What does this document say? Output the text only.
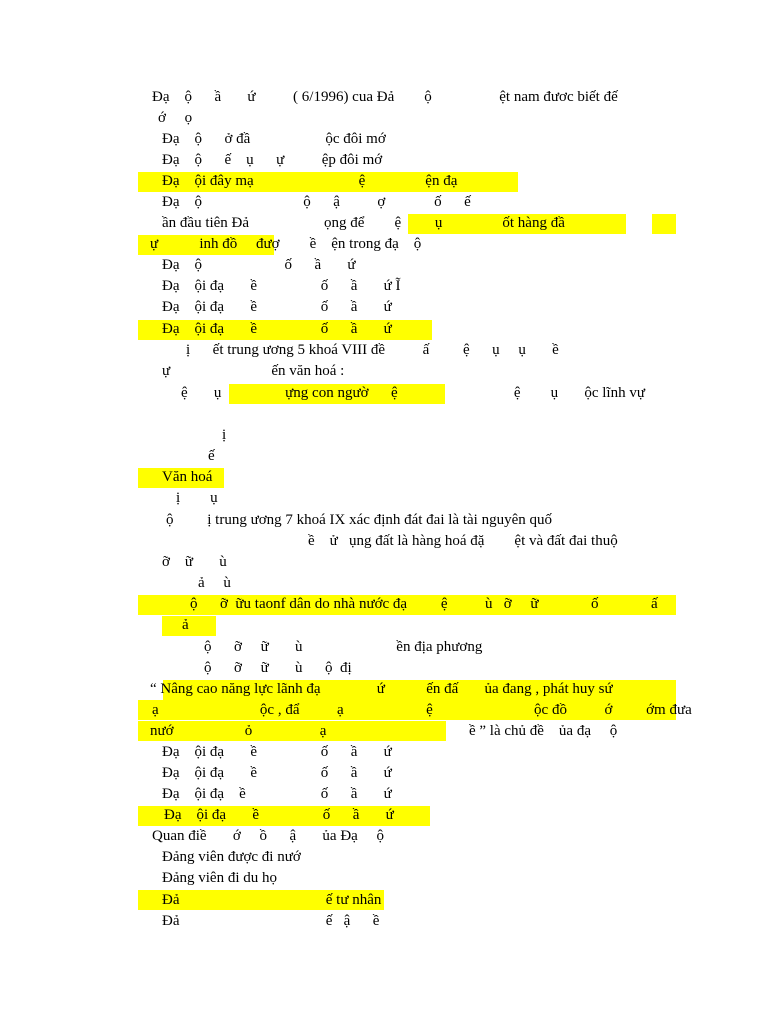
Đạ    ộ      ầ       ứ          ( 6/1996) cua Đả        ộ                  ệt nam đươc biết đế
ớ     ọ
Đạ    ộ      ở đầ                    ộc đôi mớ
Đạ    ộ      ế    ụ      ự          ệp đôi mớ
Đạ    ội đây mạ                            ệ                ện đạ
Đạ    ộ                           ộ      ậ          ợ             ố      ế
ần đầu tiên Đả                    ọng để        ệ         ụ                ốt hàng đầ
ự           inh đồ     đượ        ề    ện trong đạ    ộ
Đạ    ộ                      ố      ầ       ứ
Đạ    ội đạ       ề                 ố      ầ       ứ Ĩ
Đạ    ội đạ       ề                 ố      ầ       ứ
Đạ    ội đạ       ề                 ố      ầ       ứ
ị      ết trung ương 5 khoá VIII đề          ấ         ệ      ụ     ụ       ề
ự                           ến văn hoá :
ệ       ụ                 ựng con ngườ      ệ                               ệ        ụ       ộc lĩnh vự
ị
ế
Văn hoá
ị        ụ
ộ         ị trung ương 7 khoá IX xác định đát đai là tài nguyên quố
ề    ử   ụng đất là hàng hoá đặ        ệt và đất đai thuộ
ỡ    ữ       ù
ả     ù
ộ      ỡ  ữu taonf dân do nhà nước đạ         ệ          ù   ỡ     ữ              ố              ấ
ả
ộ      ỡ     ữ       ù                         ền địa phương
ộ      ỡ     ữ       ù      ộ  đị
“ Nâng cao năng lực lãnh đạ               ứ           ến đấ       ủa đang , phát huy sứ
ạ                           ộc , đẩ          ạ                      ệ                           ộc đồ          ớ         ớm đưa
nướ                   ỏ                  ạ                                      ề ” là chủ đề    ủa đạ     ộ
Đạ    ội đạ       ề                 ố      ầ       ứ
Đạ    ội đạ       ề                 ố      ầ       ứ
Đạ    ội đạ    ề                    ố      ầ       ứ
Đạ    ội đạ       ề                 ố      ầ       ứ
Quan điề       ớ     ồ      ậ       ủa Đạ     ộ
Đảng viên được đi nướ
Đảng viên đi du họ
Đả                                       ế tư nhân
Đả                                       ế   ậ      ề
